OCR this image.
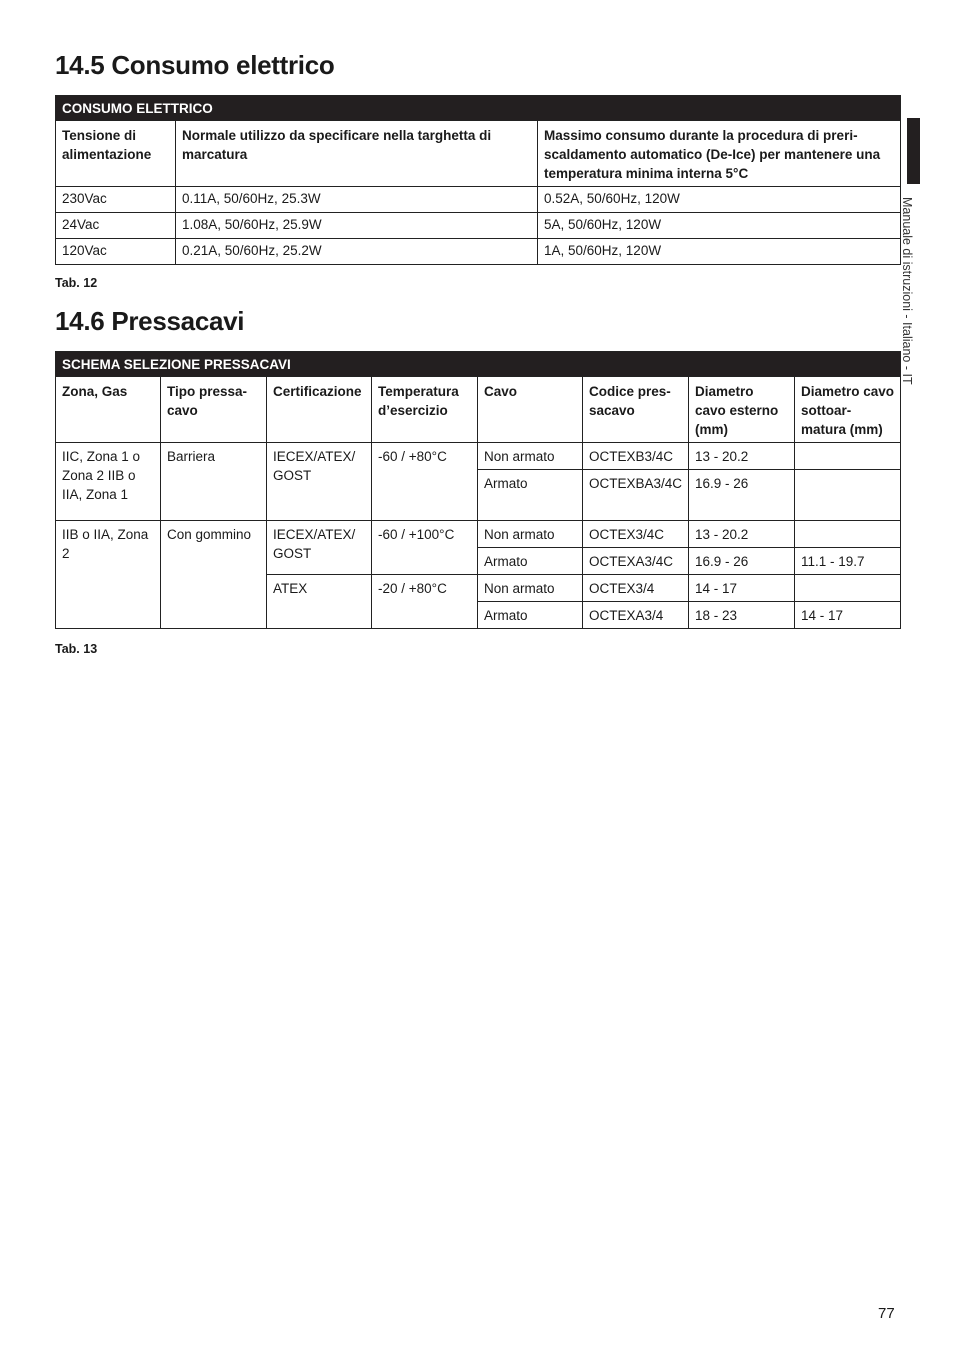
14.5 Consumo elettrico
CONSUMO ELETTRICO		
Tensione di alimentazione	Normale utilizzo da specificare nella targhetta di marcatura	Massimo consumo durante la procedura di preri- scaldamento automatico (De-Ice) per mantenere una temperatura minima interna 5°C
230Vac	0.11A, 50/60Hz, 25.3W	0.52A, 50/60Hz, 120W
24Vac	1.08A, 50/60Hz, 25.9W	5A, 50/60Hz, 120W
120Vac	0.21A, 50/60Hz, 25.2W	1A, 50/60Hz, 120W

Tab. 12

14.6 Pressacavi
SCHEMA SELEZIONE PRESSACAVI							
Zona, Gas	Tipo pressa- cavo	Certificazione	Temperatura d’esercizio	Cavo	Codice pres- sacavo	Diametro cavo esterno (mm)	Diametro cavo sottoar- matura (mm)
IIC, Zona 1 o Zona 2 IIB o IIA, Zona 1	Barriera	IECEX/ATEX/ GOST	-60 / +80°C	Non armato	OCTEXB3/4C	13 - 20.2	
				Armato	OCTEXBA3/4C	16.9 - 26	
IIB o IIA, Zona 2	Con gommino	IECEX/ATEX/ GOST	-60 / +100°C	Non armato	OCTEX3/4C	13 - 20.2	
				Armato	OCTEXA3/4C	16.9 - 26	11.1 - 19.7
		ATEX	-20 / +80°C	Non armato	OCTEX3/4	14 - 17	
				Armato	OCTEXA3/4	18 - 23	14 - 17

Tab. 13

Manuale di istruzioni - Italiano - IT
77
